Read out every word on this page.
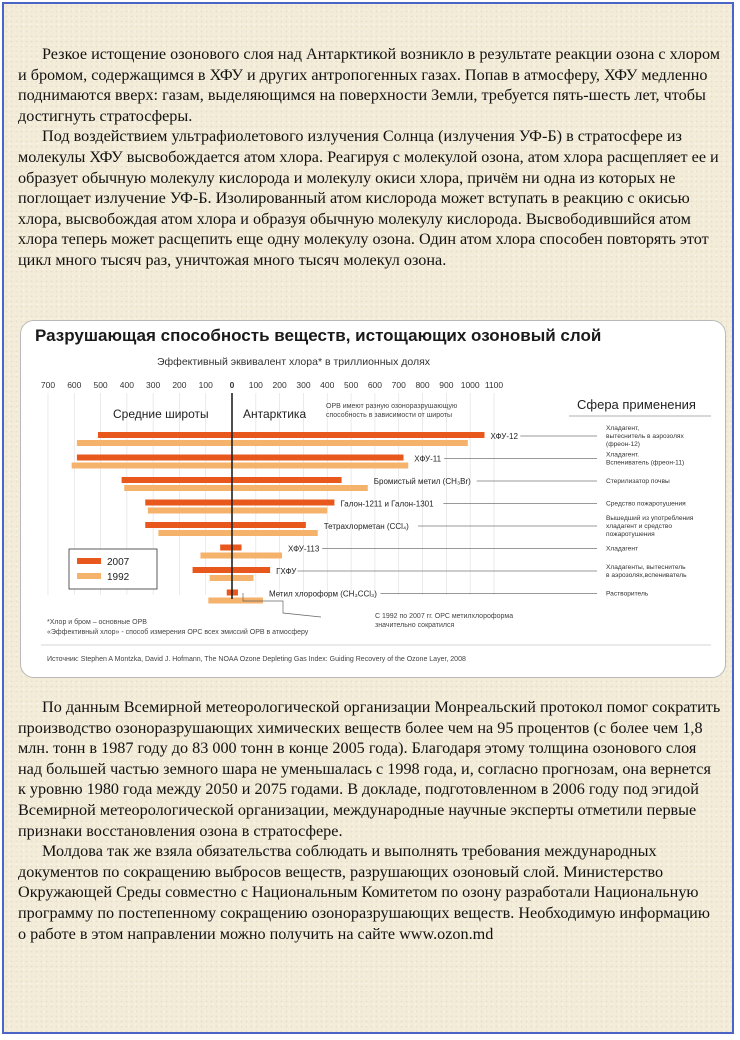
Резкое истощение озонового слоя над Антарктикой возникло в результате реакции озона с хлором и бромом, содержащимся в ХФУ и других антропогенных газах. Попав в атмосферу, ХФУ медленно поднимаются вверх: газам, выделяющимся на поверхности Земли, требуется пять-шесть лет, чтобы достигнуть стратосферы.

Под воздействием ультрафиолетового излучения Солнца (излучения УФ-Б) в стратосфере из молекулы ХФУ высвобождается атом хлора. Реагируя с молекулой озона, атом хлора расщепляет ее и образует обычную молекулу кислорода и молекулу окиси хлора, причём ни одна из которых не поглощает излучение УФ-Б. Изолированный атом кислорода может вступать в реакцию с окисью хлора, высвобождая атом хлора и образуя обычную молекулу кислорода. Высвободившийся атом хлора теперь может расщепить еще одну молекулу озона. Один атом хлора способен повторять этот цикл много тысяч раз, уничтожая много тысяч молекул озона.

Разрушающая способность веществ, истощающих озоновый слой
Эффективный эквивалент хлора* в триллионных долях
700 600 500 400 300 200 100 0 100 200 300 400 500 600 700 800 900 1000 1100
Средние широты	Антарктика
ОРВ имеют разную озоноразрушающую
способность в зависимости от широты
Сфера применения
ХФУ-12
ХФУ-11
Бромистый метил (CH₃Br)
Галон-1211 и Галон-1301
Тетрахлорметан (CCl₄)
ХФУ-113
ГХФУ
Метил хлороформ (CH₃CCl₃)
Хладагент,
вытеснитель в аэрозолях
(фреон-12)
Хладагент.
Вспениватель (фреон-11)
Стерилизатор почвы
Средство пожаротушения
Вышедший из употребления
хладагент и средство
пожаротушения
Хладагент
Хладагенты, вытеснитель
в аэрозолях,вспениватель
Растворитель
2007
1992
С 1992 по 2007 гг. ОРС метилхлороформа
значительно сократился
*Хлор и бром – основные ОРВ
«Эффективный хлор» - способ измерения ОРС всех эмиссий ОРВ в атмосферу
Источник: Stephen A Montzka, David J. Hofmann, The NOAA Ozone Depleting Gas Index: Guiding Recovery of the Ozone Layer, 2008

По данным Всемирной метеорологической организации Монреальский протокол помог сократить производство озоноразрушающих химических веществ более чем на 95 процентов (с более чем 1,8 млн. тонн в 1987 году до 83 000 тонн в конце 2005 года). Благодаря этому толщина озонового слоя над большей частью земного шара не уменьшалась с 1998 года, и, согласно прогнозам, она вернется к уровню 1980 года между 2050 и 2075 годами. В докладе, подготовленном в 2006 году под эгидой Всемирной метеорологической организации, международные научные эксперты отметили первые признаки восстановления озона в стратосфере.

Молдова так же взяла обязательства соблюдать и выполнять требования международных документов по сокращению выбросов веществ, разрушающих озоновый слой. Министерство Окружающей Среды совместно с Национальным Комитетом по озону разработали Национальную программу по постепенному сокращению озоноразрушающих веществ. Необходимую информацию о работе в этом направлении можно получить на сайте www.ozon.md
